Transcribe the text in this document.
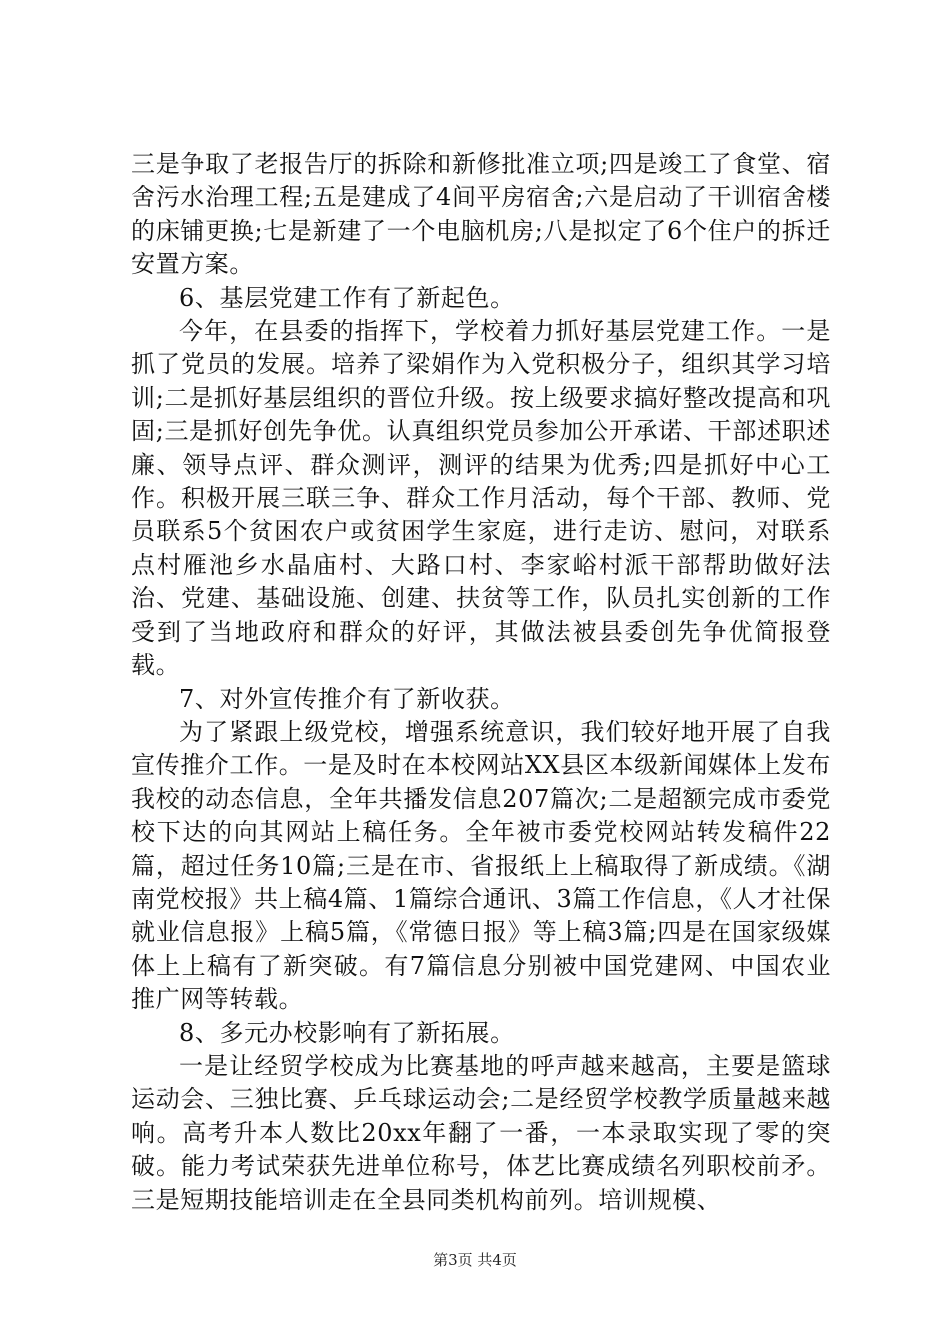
三是争取了老报告厅的拆除和新修批准立项;四是竣工了食堂、宿舍污水治理工程;五是建成了4间平房宿舍;六是启动了干训宿舍楼的床铺更换;七是新建了一个电脑机房;八是拟定了6个住户的拆迁安置方案。

6、基层党建工作有了新起色。

今年，在县委的指挥下，学校着力抓好基层党建工作。一是抓了党员的发展。培养了梁娟作为入党积极分子，组织其学习培训;二是抓好基层组织的晋位升级。按上级要求搞好整改提高和巩固;三是抓好创先争优。认真组织党员参加公开承诺、干部述职述廉、领导点评、群众测评，测评的结果为优秀;四是抓好中心工作。积极开展三联三争、群众工作月活动，每个干部、教师、党员联系5个贫困农户或贫困学生家庭，进行走访、慰问，对联系点村雁池乡水晶庙村、大路口村、李家峪村派干部帮助做好法治、党建、基础设施、创建、扶贫等工作，队员扎实创新的工作受到了当地政府和群众的好评，其做法被县委创先争优简报登载。

7、对外宣传推介有了新收获。

为了紧跟上级党校，增强系统意识，我们较好地开展了自我宣传推介工作。一是及时在本校网站XX县区本级新闻媒体上发布我校的动态信息，全年共播发信息207篇次;二是超额完成市委党校下达的向其网站上稿任务。全年被市委党校网站转发稿件22篇，超过任务10篇;三是在市、省报纸上上稿取得了新成绩。《湖南党校报》共上稿4篇、1篇综合通讯、3篇工作信息，《人才社保就业信息报》上稿5篇，《常德日报》等上稿3篇;四是在国家级媒体上上稿有了新突破。有7篇信息分别被中国党建网、中国农业推广网等转载。

8、多元办校影响有了新拓展。

一是让经贸学校成为比赛基地的呼声越来越高，主要是篮球运动会、三独比赛、乒乓球运动会;二是经贸学校教学质量越来越响。高考升本人数比20xx年翻了一番，一本录取实现了零的突破。能力考试荣获先进单位称号，体艺比赛成绩名列职校前矛。三是短期技能培训走在全县同类机构前列。培训规模、

第3页 共4页
